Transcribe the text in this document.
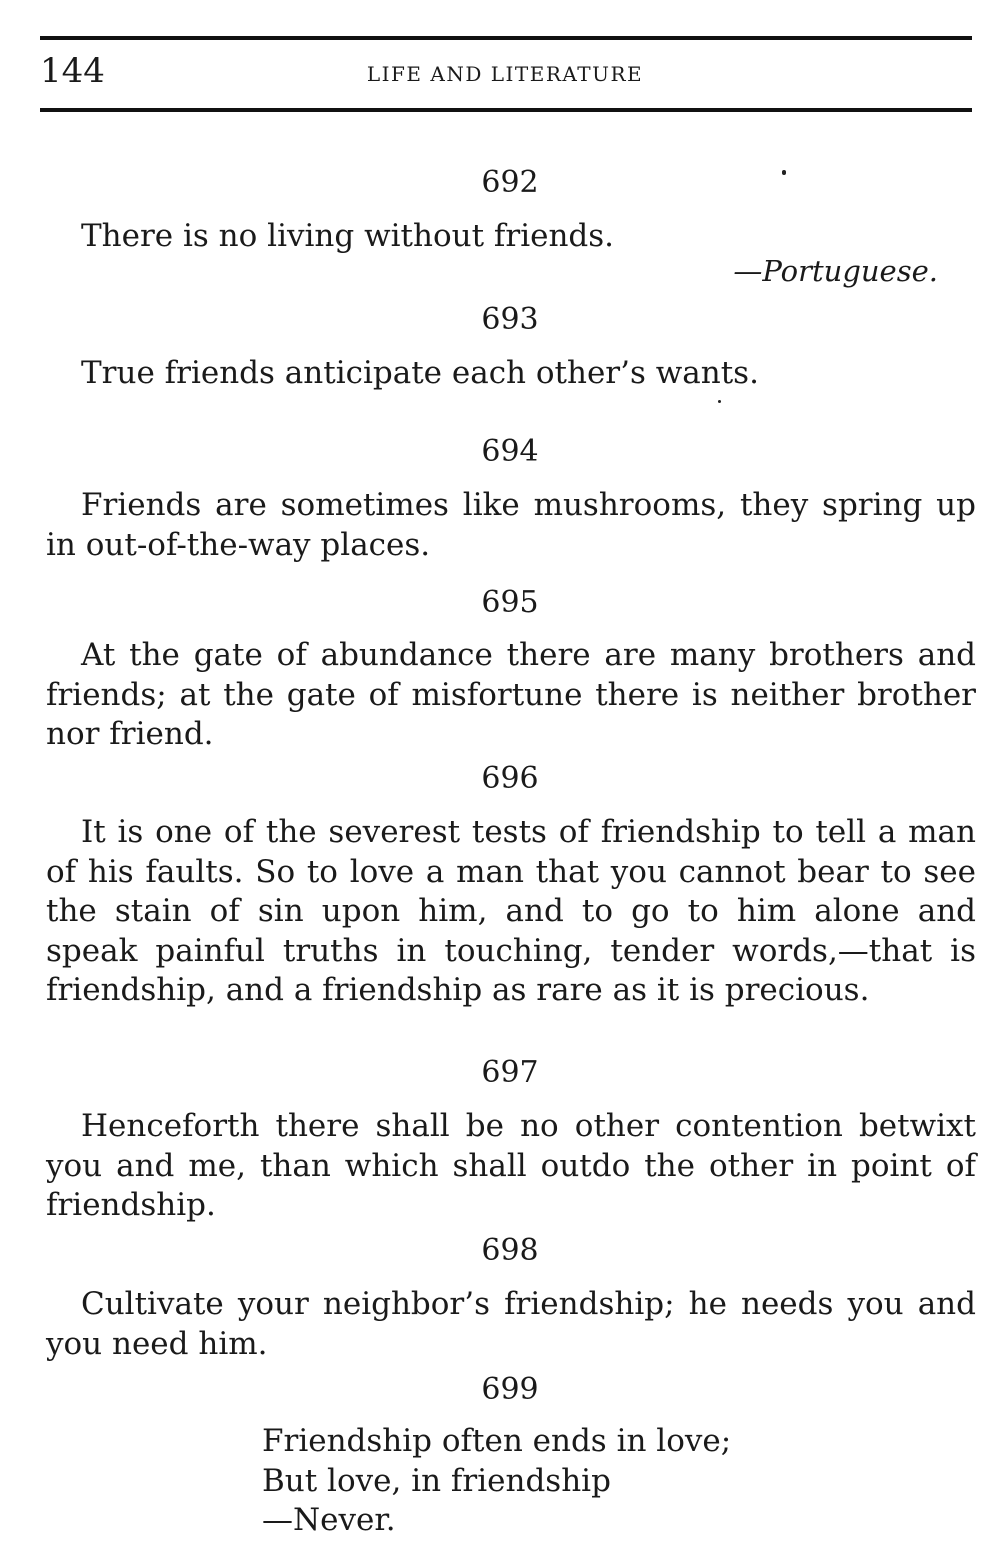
144	LIFE AND LITERATURE
692

There is no living without friends.

—Portuguese.
693

True friends anticipate each other’s wants.

694

Friends are sometimes like mushrooms, they spring up in out-of-the-way places.

695

At the gate of abundance there are many brothers and friends; at the gate of misfortune there is neither brother nor friend.

696

It is one of the severest tests of friendship to tell a man of his faults. So to love a man that you cannot bear to see the stain of sin upon him, and to go to him alone and speak painful truths in touching, tender words,—that is friendship, and a friendship as rare as it is precious.

697

Henceforth there shall be no other contention betwixt you and me, than which shall outdo the other in point of friendship.

698

Cultivate your neighbor’s friendship; he needs you and you need him.

699
Friendship often ends in love;
But love, in friendship
—Never.
